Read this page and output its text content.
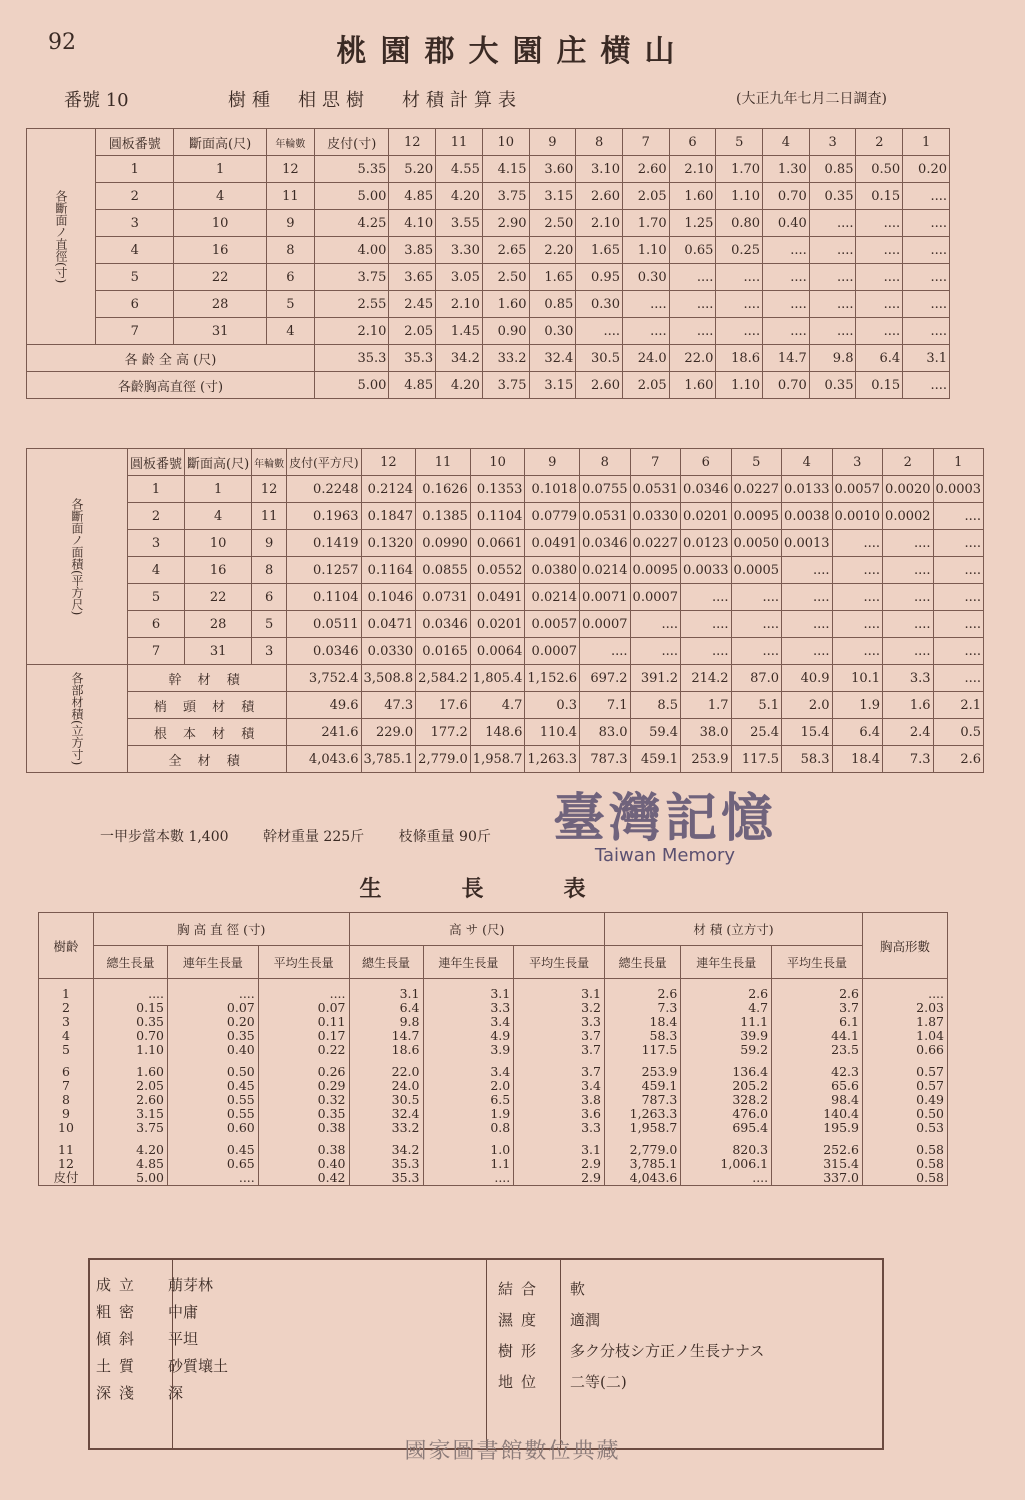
92	桃園郡大園庄横山
番號 10	樹種 相思樹 材積計算表	(大正九年七月二日調査)
各斷面ノ直徑(寸)	圓板番號	斷面高(尺)	年輪數	皮付(寸)	12	11	10	9	8	7	6	5	4	3	2	1
	1	1	12	5.35	5.20	4.55	4.15	3.60	3.10	2.60	2.10	1.70	1.30	0.85	0.50	0.20
	2	4	11	5.00	4.85	4.20	3.75	3.15	2.60	2.05	1.60	1.10	0.70	0.35	0.15	....
	3	10	9	4.25	4.10	3.55	2.90	2.50	2.10	1.70	1.25	0.80	0.40	....	....	....
	4	16	8	4.00	3.85	3.30	2.65	2.20	1.65	1.10	0.65	0.25	....	....	....	....
	5	22	6	3.75	3.65	3.05	2.50	1.65	0.95	0.30	....	....	....	....	....	....
	6	28	5	2.55	2.45	2.10	1.60	0.85	0.30	....	....	....	....	....	....	....
	7	31	4	2.10	2.05	1.45	0.90	0.30	....	....	....	....	....	....	....	....
各 齡 全 高 (尺)				35.3	35.3	34.2	33.2	32.4	30.5	24.0	22.0	18.6	14.7	9.8	6.4	3.1
各齡胸高直徑 (寸)				5.00	4.85	4.20	3.75	3.15	2.60	2.05	1.60	1.10	0.70	0.35	0.15	....
各斷面ノ面積(平方尺)	圓板番號	斷面高(尺)	年輪數	皮付(平方尺)	12	11	10	9	8	7	6	5	4	3	2	1
	1	1	12	0.2248	0.2124	0.1626	0.1353	0.1018	0.0755	0.0531	0.0346	0.0227	0.0133	0.0057	0.0020	0.0003
	2	4	11	0.1963	0.1847	0.1385	0.1104	0.0779	0.0531	0.0330	0.0201	0.0095	0.0038	0.0010	0.0002	....
	3	10	9	0.1419	0.1320	0.0990	0.0661	0.0491	0.0346	0.0227	0.0123	0.0050	0.0013	....	....	....
	4	16	8	0.1257	0.1164	0.0855	0.0552	0.0380	0.0214	0.0095	0.0033	0.0005	....	....	....	....
	5	22	6	0.1104	0.1046	0.0731	0.0491	0.0214	0.0071	0.0007	....	....	....	....	....	....
	6	28	5	0.0511	0.0471	0.0346	0.0201	0.0057	0.0007	....	....	....	....	....	....	....
	7	31	3	0.0346	0.0330	0.0165	0.0064	0.0007	....	....	....	....	....	....	....	....
各部材積(立方寸)	幹 材 積			3,752.4	3,508.8	2,584.2	1,805.4	1,152.6	697.2	391.2	214.2	87.0	40.9	10.1	3.3	....
	梢 頭 材 積			49.6	47.3	17.6	4.7	0.3	7.1	8.5	1.7	5.1	2.0	1.9	1.6	2.1
	根 本 材 積			241.6	229.0	177.2	148.6	110.4	83.0	59.4	38.0	25.4	15.4	6.4	2.4	0.5
	全 材 積			4,043.6	3,785.1	2,779.0	1,958.7	1,263.3	787.3	459.1	253.9	117.5	58.3	18.4	7.3	2.6
一甲步當本數 1,400 幹材重量 225斤 枝條重量 90斤	臺灣記憶
Taiwan Memory
生長表
樹齡	胸 高 直 徑 (寸)			高 サ (尺)			材 積 (立方寸)			胸高形數
	總生長量	連年生長量	平均生長量	總生長量	連年生長量	平均生長量	總生長量	連年生長量	平均生長量	

1	....	....	....	3.1	3.1	3.1	2.6	2.6	2.6	....
2	0.15	0.07	0.07	6.4	3.3	3.2	7.3	4.7	3.7	2.03
3	0.35	0.20	0.11	9.8	3.4	3.3	18.4	11.1	6.1	1.87
4	0.70	0.35	0.17	14.7	4.9	3.7	58.3	39.9	44.1	1.04
5	1.10	0.40	0.22	18.6	3.9	3.7	117.5	59.2	23.5	0.66

6	1.60	0.50	0.26	22.0	3.4	3.7	253.9	136.4	42.3	0.57
7	2.05	0.45	0.29	24.0	2.0	3.4	459.1	205.2	65.6	0.57
8	2.60	0.55	0.32	30.5	6.5	3.8	787.3	328.2	98.4	0.49
9	3.15	0.55	0.35	32.4	1.9	3.6	1,263.3	476.0	140.4	0.50
10	3.75	0.60	0.38	33.2	0.8	3.3	1,958.7	695.4	195.9	0.53

11	4.20	0.45	0.38	34.2	1.0	3.1	2,779.0	820.3	252.6	0.58
12	4.85	0.65	0.40	35.3	1.1	2.9	3,785.1	1,006.1	315.4	0.58
皮付	5.00	....	0.42	35.3	....	2.9	4,043.6	....	337.0	0.58
成立 萠芽林
粗密 中庸
傾斜 平坦
土質 砂質壤土
深淺 深
結合 軟
濕度 適潤
樹形 多ク分枝シ方正ノ生長ナナス
地位 二等(二)
國家圖書館數位典藏
